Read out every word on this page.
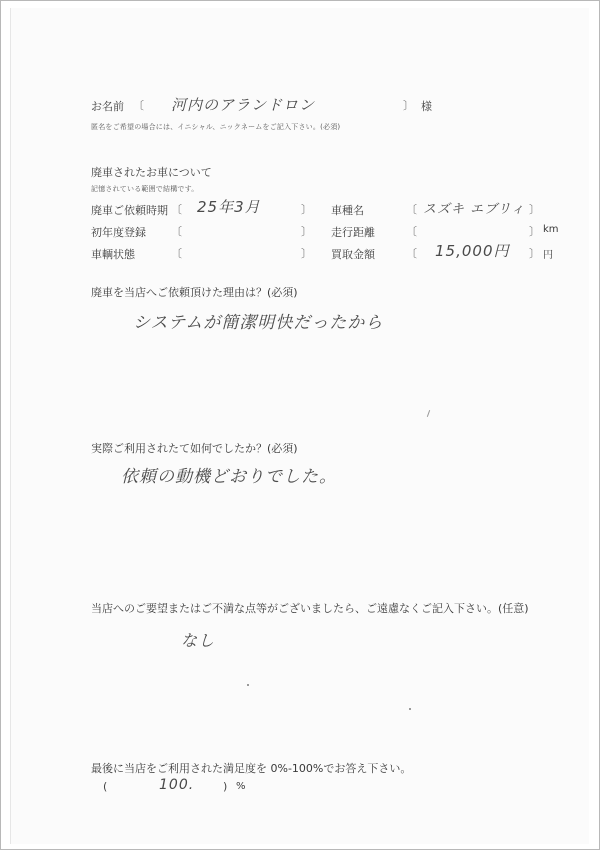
お名前 〔 河内のアランドロン	〕 様
匿名をご希望の場合には、イニシャル、ニックネームをご記入下さい。(必須)
廃車されたお車について
記憶されている範囲で結構です。
廃車ご依頼時期 〔 25年3月	〕 車種名	〔 スズキ エブリィ 〕
初年度登録 〔	〕 走行距離	〔	〕 km
車輌状態	〔	〕 買取金額	〔 15,000円 〕 円
廃車を当店へご依頼頂けた理由は？(必須)
システムが簡潔明快だったから
実際ご利用されたて如何でしたか？(必須)
依頼の動機どおりでした。
当店へのご要望またはご不満な点等がございましたら、ご遠慮なくご記入下さい。(任意)
なし
最後に当店をご利用された満足度を 0%-100%でお答え下さい。
(	100.	) %
